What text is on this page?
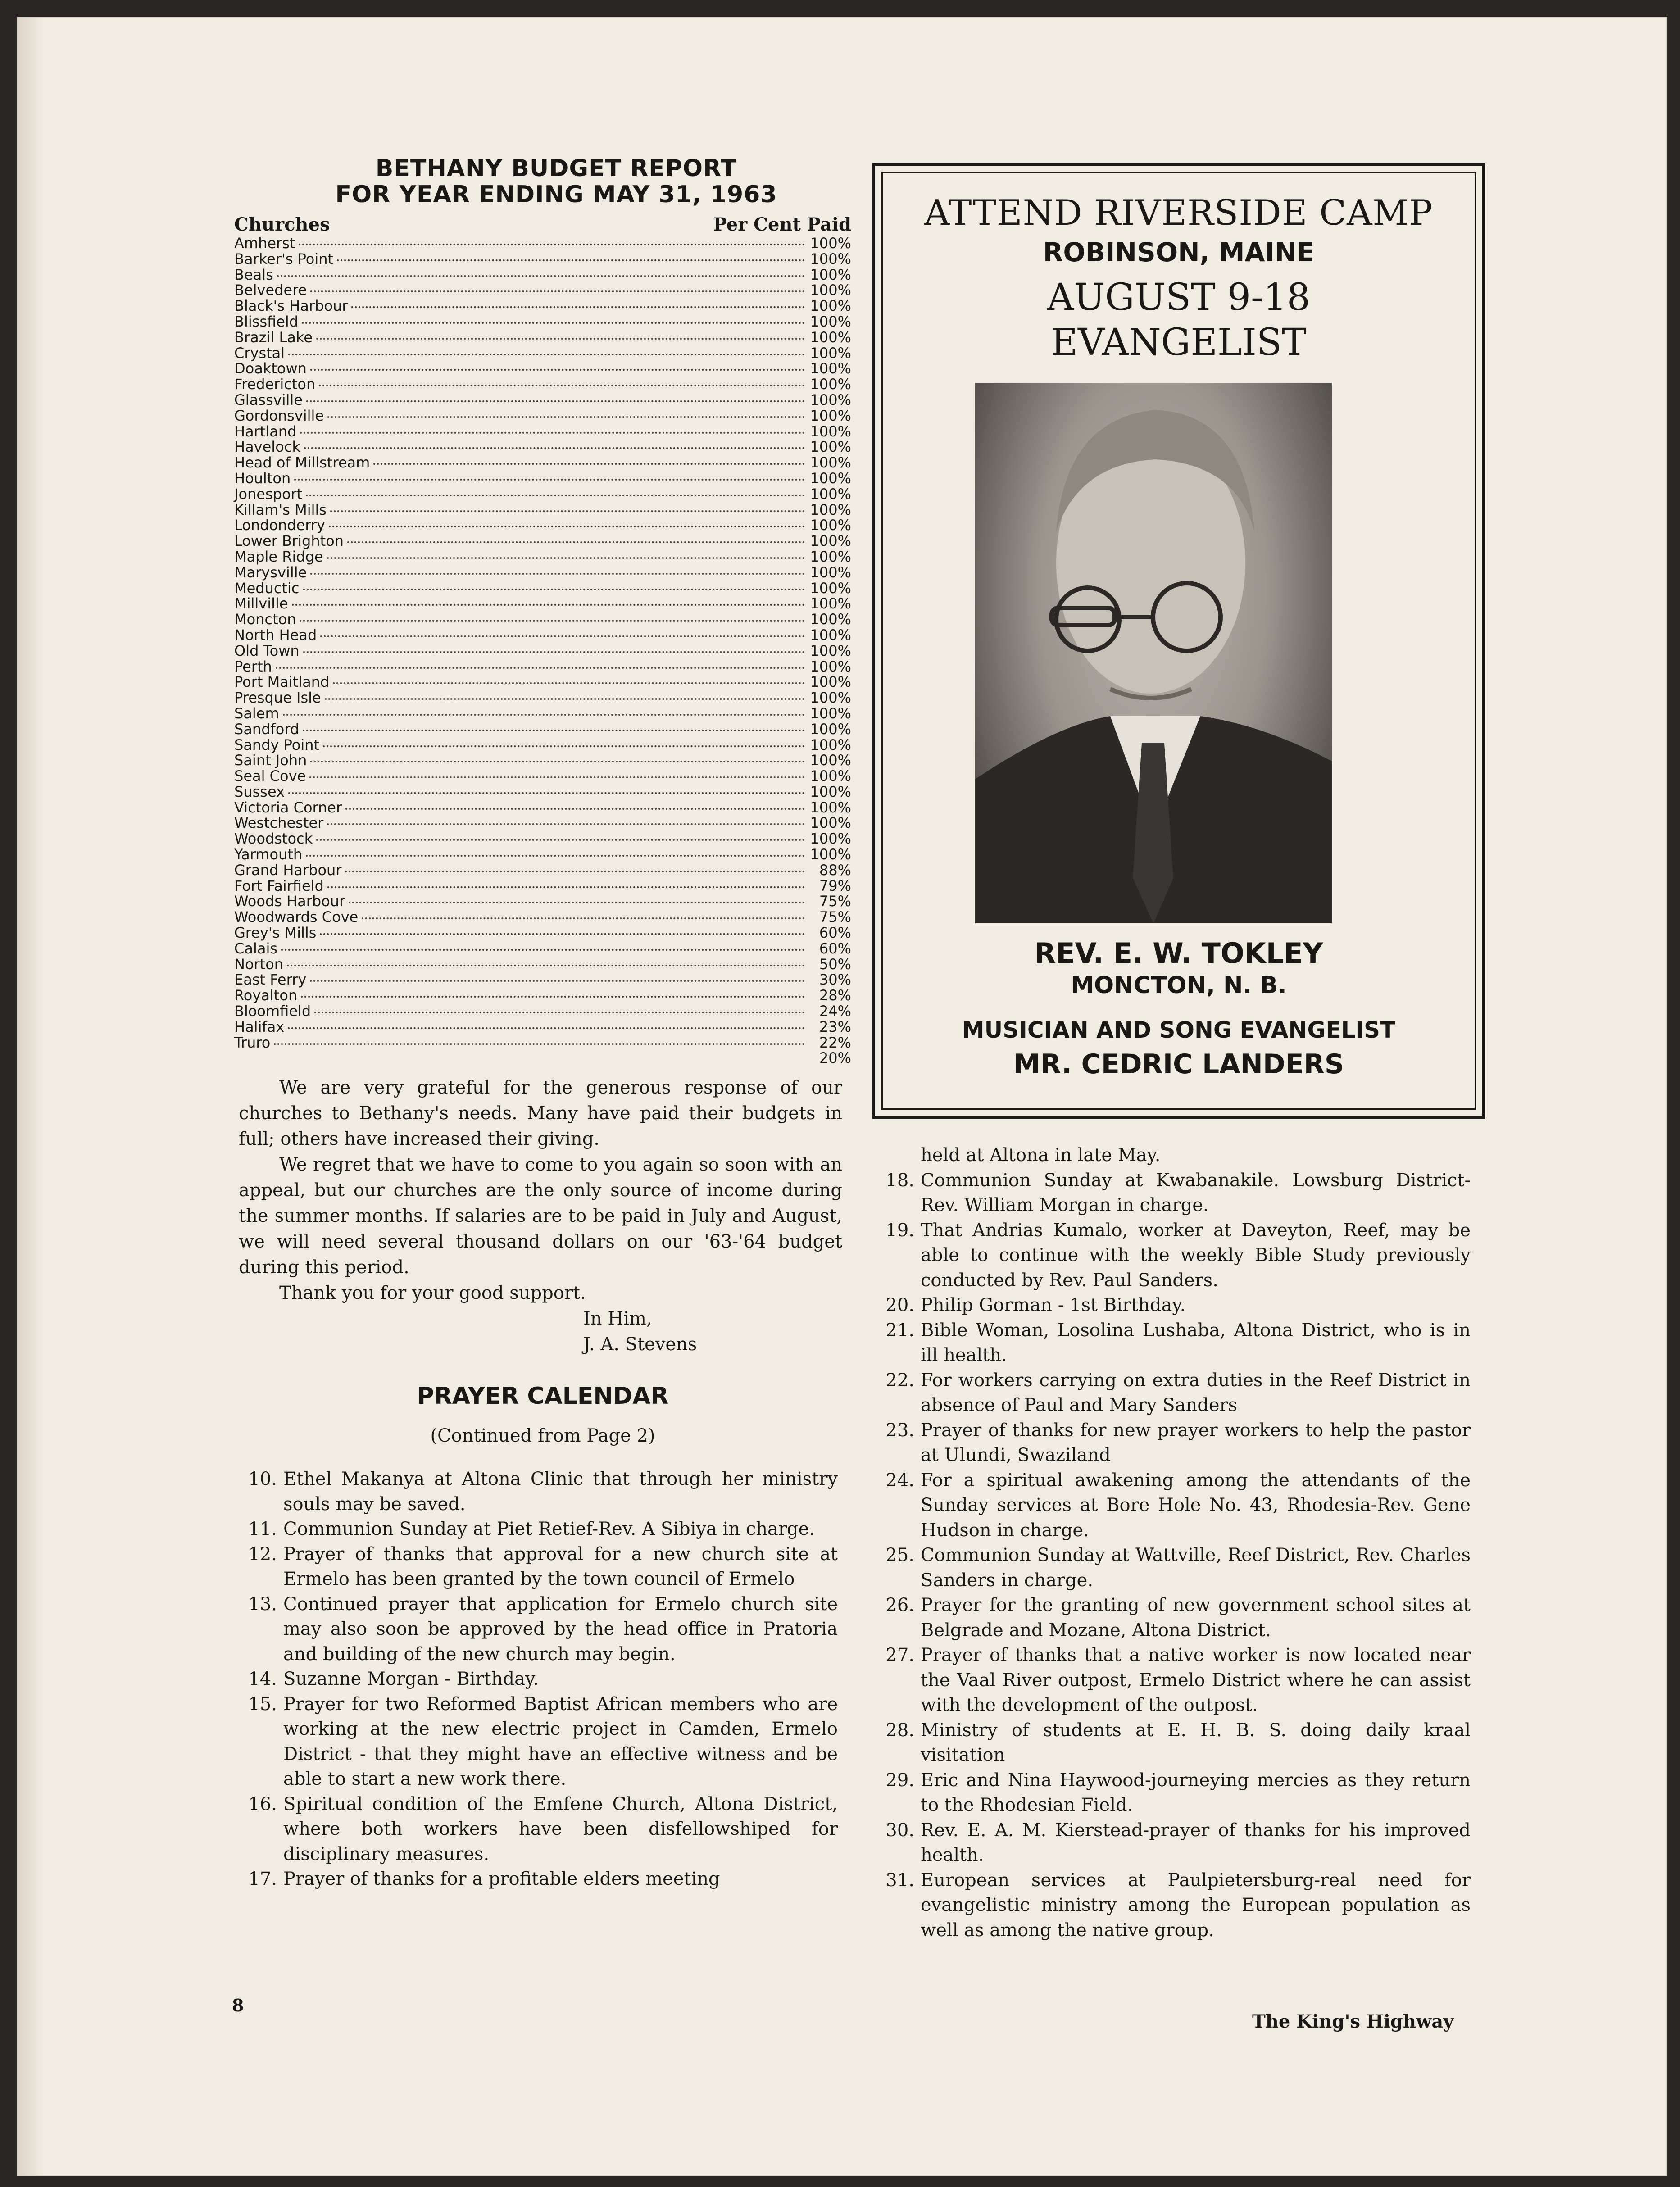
​
BETHANY BUDGET REPORT
FOR YEAR ENDING MAY 31, 1963
Churches	Per Cent Paid
Amherst	100%
Barker's Point	100%
Beals	100%
Belvedere	100%
Black's Harbour	100%
Blissfield	100%
Brazil Lake	100%
Crystal	100%
Doaktown	100%
Fredericton	100%
Glassville	100%
Gordonsville	100%
Hartland	100%
Havelock	100%
Head of Millstream	100%
Houlton	100%
Jonesport	100%
Killam's Mills	100%
Londonderry	100%
Lower Brighton	100%
Maple Ridge	100%
Marysville	100%
Meductic	100%
Millville	100%
Moncton	100%
North Head	100%
Old Town	100%
Perth	100%
Port Maitland	100%
Presque Isle	100%
Salem	100%
Sandford	100%
Sandy Point	100%
Saint John	100%
Seal Cove	100%
Sussex	100%
Victoria Corner	100%
Westchester	100%
Woodstock	100%
Yarmouth	100%
Grand Harbour	88%
Fort Fairfield	79%
Woods Harbour	75%
Woodwards Cove	75%
Grey's Mills	60%
Calais	60%
Norton	50%
East Ferry	30%
Royalton	28%
Bloomfield	24%
Halifax	23%
Truro	22%
20%

We are very grateful for the generous response of our churches to Bethany's needs. Many have paid their budgets in full; others have increased their giving.

We regret that we have to come to you again so soon with an appeal, but our churches are the only source of income during the summer months. If salaries are to be paid in July and August, we will need several thousand dollars on our '63-'64 budget during this period.

Thank you for your good support.

In Him,

J. A. Stevens

PRAYER CALENDAR
(Continued from Page 2)
10. Ethel Makanya at Altona Clinic that through her ministry souls may be saved.
11. Communion Sunday at Piet Retief-Rev. A Sibiya in charge.
12. Prayer of thanks that approval for a new church site at Ermelo has been granted by the town council of Ermelo
13. Continued prayer that application for Ermelo church site may also soon be approved by the head office in Pratoria and building of the new church may begin.
14. Suzanne Morgan - Birthday.
15. Prayer for two Reformed Baptist African members who are working at the new electric project in Camden, Ermelo District - that they might have an effective witness and be able to start a new work there.
16. Spiritual condition of the Emfene Church, Altona District, where both workers have been disfellowshiped for disciplinary measures.
17. Prayer of thanks for a profitable elders meeting
held at Altona in late May.
18. Communion Sunday at Kwabanakile. Lowsburg District-Rev. William Morgan in charge.
19. That Andrias Kumalo, worker at Daveyton, Reef, may be able to continue with the weekly Bible Study previously conducted by Rev. Paul Sanders.
20. Philip Gorman - 1st Birthday.
21. Bible Woman, Losolina Lushaba, Altona District, who is in ill health.
22. For workers carrying on extra duties in the Reef District in absence of Paul and Mary Sanders
23. Prayer of thanks for new prayer workers to help the pastor at Ulundi, Swaziland
24. For a spiritual awakening among the attendants of the Sunday services at Bore Hole No. 43, Rhodesia-Rev. Gene Hudson in charge.
25. Communion Sunday at Wattville, Reef District, Rev. Charles Sanders in charge.
26. Prayer for the granting of new government school sites at Belgrade and Mozane, Altona District.
27. Prayer of thanks that a native worker is now located near the Vaal River outpost, Ermelo District where he can assist with the development of the outpost.
28. Ministry of students at E. H. B. S. doing daily kraal visitation
29. Eric and Nina Haywood-journeying mercies as they return to the Rhodesian Field.
30. Rev. E. A. M. Kierstead-prayer of thanks for his improved health.
31. European services at Paulpietersburg-real need for evangelistic ministry among the European population as well as among the native group.
ATTEND RIVERSIDE CAMP
ROBINSON, MAINE
AUGUST 9-18
EVANGELIST
REV. E. W. TOKLEY
MONCTON, N. B.
MUSICIAN AND SONG EVANGELIST
MR. CEDRIC LANDERS
8
The King's Highway
